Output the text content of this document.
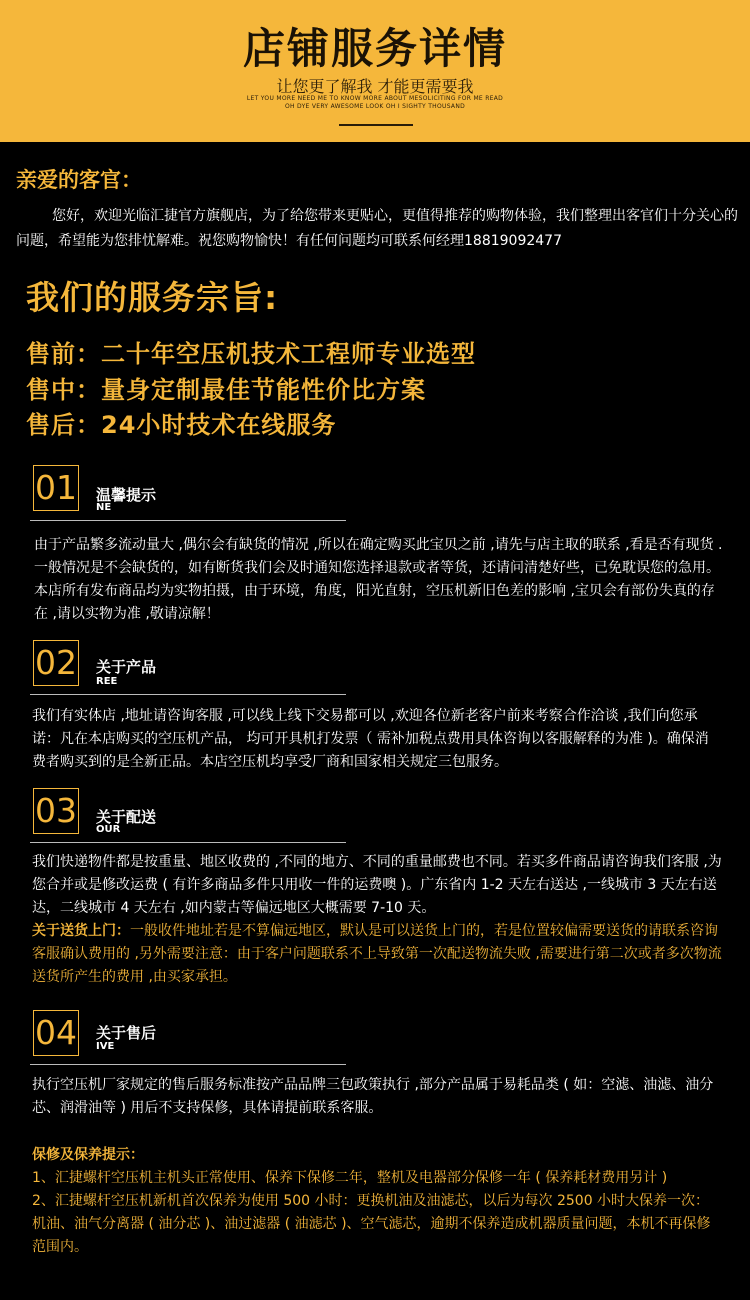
店铺服务详情
让您更了解我 才能更需要我
LET YOU MORE NEED ME TO KNOW MORE ABOUT MESOLICITING FOR ME READ
OH DYE VERY AWESOME LOOK OH I SIGHTY THOUSAND
亲爱的客官：
您好，欢迎光临汇捷官方旗舰店，为了给您带来更贴心，更值得推荐的购物体验，我们整理出客官们十分关心的问题，希望能为您排忧解难。祝您购物愉快！有任何问题均可联系何经理18819092477
我们的服务宗旨:
售前：二十年空压机技术工程师专业选型
售中：量身定制最佳节能性价比方案
售后：24小时技术在线服务
01 温馨提示
NE
由于产品繁多流动量大 ,偶尔会有缺货的情况 ,所以在确定购买此宝贝之前 ,请先与店主取的联系 ,看是否有现货 . 一般情况是不会缺货的，如有断货我们会及时通知您选择退款或者等货，还请问清楚好些，已免耽误您的急用。本店所有发布商品均为实物拍摄，由于环境，角度，阳光直射，空压机新旧色差的影响 ,宝贝会有部份失真的存在 ,请以实物为准 ,敬请凉解！
02 关于产品
REE
我们有实体店 ,地址请咨询客服 ,可以线上线下交易都可以 ,欢迎各位新老客户前来考察合作洽谈 ,我们向您承诺：凡在本店购买的空压机产品， 均可开具机打发票（ 需补加税点费用具体咨询以客服解释的为准 )。确保消费者购买到的是全新正品。本店空压机均享受厂商和国家相关规定三包服务。
03 关于配送
OUR
我们快递物件都是按重量、地区收费的 ,不同的地方、不同的重量邮费也不同。若买多件商品请咨询我们客服 ,为您合并或是修改运费 ( 有许多商品多件只用收一件的运费噢 )。广东省内 1-2 天左右送达 ,一线城市 3 天左右送达，二线城市 4 天左右 ,如内蒙古等偏远地区大概需要 7-10 天。
关于送货上门：一般收件地址若是不算偏远地区，默认是可以送货上门的，若是位置较偏需要送货的请联系咨询客服确认费用的 ,另外需要注意：由于客户问题联系不上导致第一次配送物流失败 ,需要进行第二次或者多次物流送货所产生的费用 ,由买家承担。
04 关于售后
IVE
执行空压机厂家规定的售后服务标准按产品品牌三包政策执行 ,部分产品属于易耗品类 ( 如：空滤、油滤、油分芯、润滑油等 ) 用后不支持保修，具体请提前联系客服。
保修及保养提示：
1、汇捷螺杆空压机主机头正常使用、保养下保修二年，整机及电器部分保修一年 ( 保养耗材费用另计 )
2、汇捷螺杆空压机新机首次保养为使用 500 小时：更换机油及油滤芯，以后为每次 2500 小时大保养一次：机油、油气分离器 ( 油分芯 )、油过滤器 ( 油滤芯 )、空气滤芯，逾期不保养造成机器质量问题，本机不再保修范围内。
